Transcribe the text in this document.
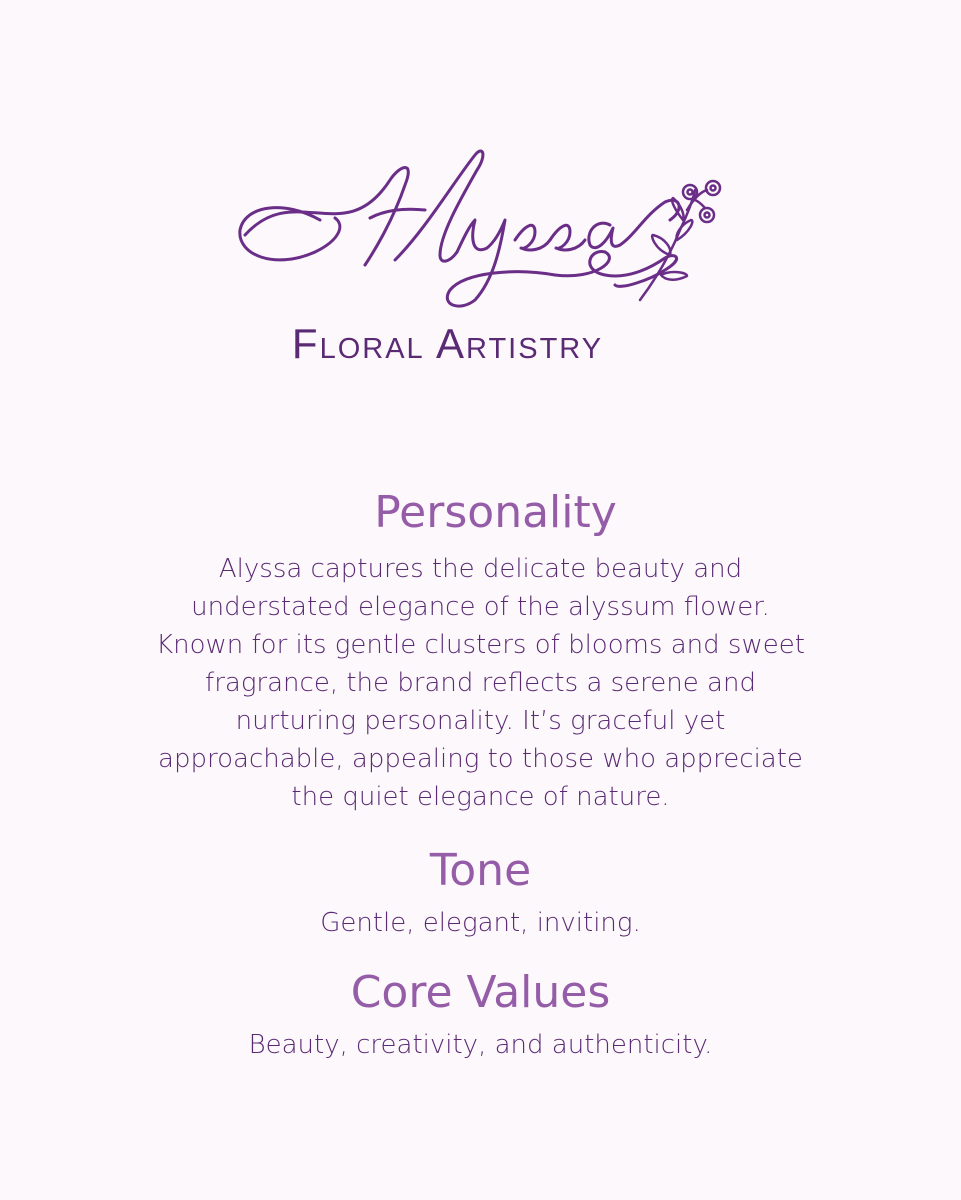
Floral Artistry
Personality

Alyssa captures the delicate beauty and understated elegance of the alyssum flower. Known for its gentle clusters of blooms and sweet fragrance, the brand reflects a serene and nurturing personality. It’s graceful yet approachable, appealing to those who appreciate the quiet elegance of nature.

Tone

Gentle, elegant, inviting.

Core Values

Beauty, creativity, and authenticity.
